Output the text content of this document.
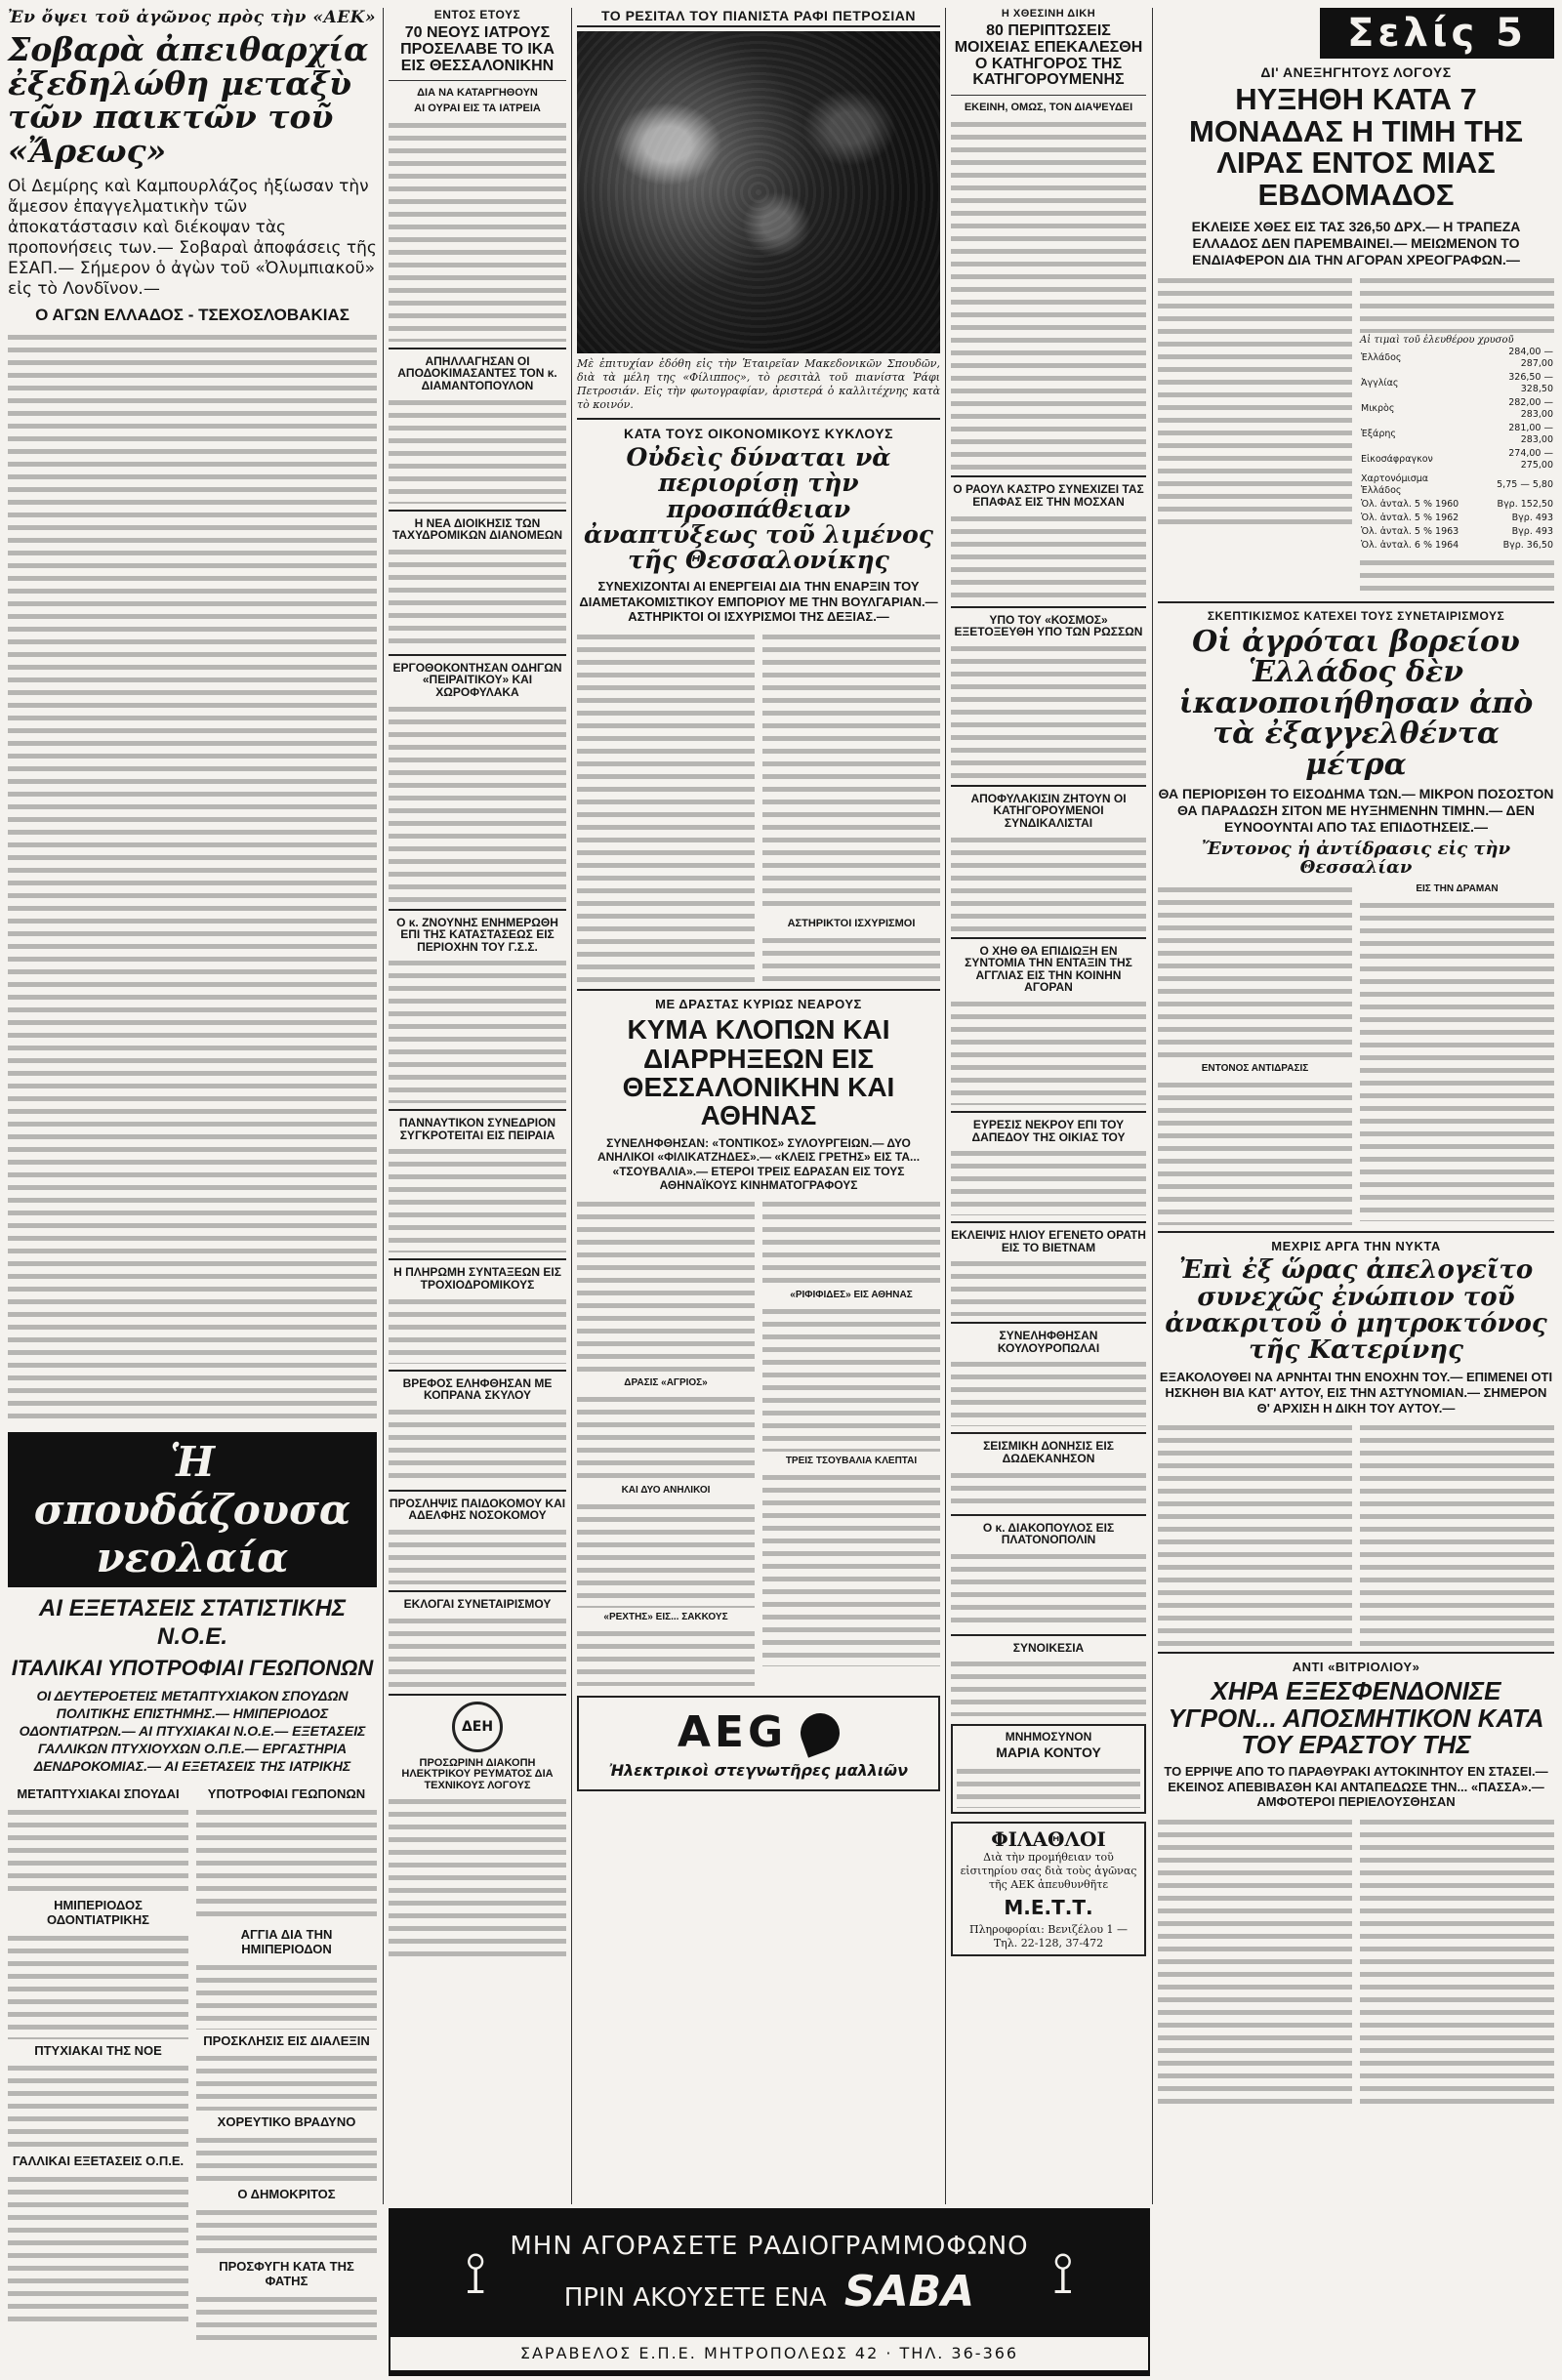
Σελίς 5
Ἐν ὄψει τοῦ ἀγῶνος πρὸς τὴν «ΑΕΚ»
Σοβαρὰ ἀπειθαρχία ἐξεδηλώθη μεταξὺ τῶν παικτῶν τοῦ «Ἄρεως»
Οἱ Δεμίρης καὶ Καμπουρλάζος ἠξίωσαν τὴν ἄμεσον ἐπαγγελματικὴν τῶν ἀποκατάστασιν καὶ διέκοψαν τὰς προπονήσεις των.— Σοβαραὶ ἀποφάσεις τῆς ΕΣΑΠ.— Σήμερον ὁ ἀγὼν τοῦ «Ὀλυμπιακοῦ» εἰς τὸ Λονδῖνον.—
Ο ΑΓΩΝ ΕΛΛΑΔΟΣ - ΤΣΕΧΟΣΛΟΒΑΚΙΑΣ
Ἡ σπουδάζουσα νεολαία
ΑΙ ΕΞΕΤΑΣΕΙΣ ΣΤΑΤΙΣΤΙΚΗΣ Ν.Ο.Ε.
ΙΤΑΛΙΚΑΙ ΥΠΟΤΡΟΦΙΑΙ ΓΕΩΠΟΝΩΝ
ΟΙ ΔΕΥΤΕΡΟΕΤΕΙΣ ΜΕΤΑΠΤΥΧΙΑΚΟΝ ΣΠΟΥΔΩΝ ΠΟΛΙΤΙΚΗΣ ΕΠΙΣΤΗΜΗΣ.— ΗΜΙΠΕΡΙΟΔΟΣ ΟΔΟΝΤΙΑΤΡΩΝ.— ΑΙ ΠΤΥΧΙΑΚΑΙ Ν.Ο.Ε.— ΕΞΕΤΑΣΕΙΣ ΓΑΛΛΙΚΩΝ ΠΤΥΧΙΟΥΧΩΝ Ο.Π.Ε.— ΕΡΓΑΣΤΗΡΙΑ ΔΕΝΔΡΟΚΟΜΙΑΣ.— ΑΙ ΕΞΕΤΑΣΕΙΣ ΤΗΣ ΙΑΤΡΙΚΗΣ
ΜΕΤΑΠΤΥΧΙΑΚΑΙ ΣΠΟΥΔΑΙ
ΗΜΙΠΕΡΙΟΔΟΣ ΟΔΟΝΤΙΑΤΡΙΚΗΣ
ΠΤΥΧΙΑΚΑΙ ΤΗΣ ΝΟΕ
ΓΑΛΛΙΚΑΙ ΕΞΕΤΑΣΕΙΣ Ο.Π.Ε.
ΥΠΟΤΡΟΦΙΑΙ ΓΕΩΠΟΝΩΝ
ΑΓΓΙΑ ΔΙΑ ΤΗΝ ΗΜΙΠΕΡΙΟΔΟΝ
ΠΡΟΣΚΛΗΣΙΣ ΕΙΣ ΔΙΑΛΕΞΙΝ
ΧΟΡΕΥΤΙΚΟ ΒΡΑΔΥΝΟ
Ο ΔΗΜΟΚΡΙΤΟΣ
ΠΡΟΣΦΥΓΗ ΚΑΤΑ ΤΗΣ ΦΑΤΗΣ
ΕΝΤΟΣ ΕΤΟΥΣ
70 ΝΕΟΥΣ ΙΑΤΡΟΥΣ ΠΡΟΣΕΛΑΒΕ ΤΟ ΙΚΑ ΕΙΣ ΘΕΣΣΑΛΟΝΙΚΗΝ
ΔΙΑ ΝΑ ΚΑΤΑΡΓΗΘΟΥΝ
ΑΙ ΟΥΡΑΙ ΕΙΣ ΤΑ ΙΑΤΡΕΙΑ
ΑΠΗΛΛΑΓΗΣΑΝ ΟΙ ΑΠΟΔΟΚΙΜΑΣΑΝΤΕΣ ΤΟΝ κ. ΔΙΑΜΑΝΤΟΠΟΥΛΟΝ
Η ΝΕΑ ΔΙΟΙΚΗΣΙΣ ΤΩΝ ΤΑΧΥΔΡΟΜΙΚΩΝ ΔΙΑΝΟΜΕΩΝ
ΕΡΓΟΘΟΚΟΝΤΗΣΑΝ ΟΔΗΓΩΝ «ΠΕΙΡΑΙΤΙΚΟΥ» ΚΑΙ ΧΩΡΟΦΥΛΑΚΑ
Ο κ. ΖΝΟΥΝΗΣ ΕΝΗΜΕΡΩΘΗ ΕΠΙ ΤΗΣ ΚΑΤΑΣΤΑΣΕΩΣ ΕΙΣ ΠΕΡΙΟΧΗΝ ΤΟΥ Γ.Σ.Σ.
ΠΑΝΝΑΥΤΙΚΟΝ ΣΥΝΕΔΡΙΟΝ ΣΥΓΚΡΟΤΕΙΤΑΙ ΕΙΣ ΠΕΙΡΑΙΑ
Η ΠΛΗΡΩΜΗ ΣΥΝΤΑΞΕΩΝ ΕΙΣ ΤΡΟΧΙΟΔΡΟΜΙΚΟΥΣ
ΒΡΕΦΟΣ ΕΛΗΦΘΗΣΑΝ ΜΕ ΚΟΠΡΑΝΑ ΣΚΥΛΟΥ
ΠΡΟΣΛΗΨΙΣ ΠΑΙΔΟΚΟΜΟΥ ΚΑΙ ΑΔΕΛΦΗΣ ΝΟΣΟΚΟΜΟΥ
ΕΚΛΟΓΑΙ ΣΥΝΕΤΑΙΡΙΣΜΟΥ
ΔΕΗ
ΠΡΟΣΩΡΙΝΗ ΔΙΑΚΟΠΗ ΗΛΕΚΤΡΙΚΟΥ ΡΕΥΜΑΤΟΣ ΔΙΑ ΤΕΧΝΙΚΟΥΣ ΛΟΓΟΥΣ
ΤΟ ΡΕΣΙΤΑΛ ΤΟΥ ΠΙΑΝΙΣΤΑ ΡΑΦΙ ΠΕΤΡΟΣΙΑΝ
Μὲ ἐπιτυχίαν ἐδόθη εἰς τὴν Ἑταιρεῖαν Μακεδονικῶν Σπουδῶν, διὰ τὰ μέλη της «Φίλιππος», τὸ ρεσιτὰλ τοῦ πιανίστα Ῥάφι Πετροσιάν. Εἰς τὴν φωτογραφίαν, ἀριστερά ὁ καλλιτέχνης κατὰ τὸ κοινόν.
ΚΑΤΑ ΤΟΥΣ ΟΙΚΟΝΟΜΙΚΟΥΣ ΚΥΚΛΟΥΣ
Οὐδεὶς δύναται νὰ περιορίσῃ τὴν προσπάθειαν ἀναπτύξεως τοῦ λιμένος τῆς Θεσσαλονίκης
ΣΥΝΕΧΙΖΟΝΤΑΙ ΑΙ ΕΝΕΡΓΕΙΑΙ ΔΙΑ ΤΗΝ ΕΝΑΡΞΙΝ ΤΟΥ ΔΙΑΜΕΤΑΚΟΜΙΣΤΙΚΟΥ ΕΜΠΟΡΙΟΥ ΜΕ ΤΗΝ ΒΟΥΛΓΑΡΙΑΝ.— ΑΣΤΗΡΙΚΤΟΙ ΟΙ ΙΣΧΥΡΙΣΜΟΙ ΤΗΣ ΔΕΞΙΑΣ.—
ΑΣΤΗΡΙΚΤΟΙ ΙΣΧΥΡΙΣΜΟΙ
ΜΕ ΔΡΑΣΤΑΣ ΚΥΡΙΩΣ ΝΕΑΡΟΥΣ
ΚΥΜΑ ΚΛΟΠΩΝ ΚΑΙ ΔΙΑΡΡΗΞΕΩΝ ΕΙΣ ΘΕΣΣΑΛΟΝΙΚΗΝ ΚΑΙ ΑΘΗΝΑΣ
ΣΥΝΕΛΗΦΘΗΣΑΝ: «ΤΟΝΤΙΚΟΣ» ΣΥΛΟΥΡΓΕΙΩΝ.— ΔΥΟ ΑΝΗΛΙΚΟΙ «ΦΙΛΙΚΑΤΖΗΔΕΣ».— «ΚΛΕΙΣ ΓΡΕΤΗΣ» ΕΙΣ ΤΑ... «ΤΣΟΥΒΑΛΙΑ».— ΕΤΕΡΟΙ ΤΡΕΙΣ ΕΔΡΑΣΑΝ ΕΙΣ ΤΟΥΣ ΑΘΗΝΑΪΚΟΥΣ ΚΙΝΗΜΑΤΟΓΡΑΦΟΥΣ
ΔΡΑΣΙΣ «ΑΓΡΙΟΣ»
ΚΑΙ ΔΥΟ ΑΝΗΛΙΚΟΙ
«ΡΕΧΤΗΣ» ΕΙΣ... ΣΑΚΚΟΥΣ
«ΡΙΦΙΦΙΔΕΣ» ΕΙΣ ΑΘΗΝΑΣ
ΤΡΕΙΣ ΤΣΟΥΒΑΛΙΑ ΚΛΕΠΤΑΙ
AEG
Ἠλεκτρικοὶ στεγνωτῆρες μαλλιῶν
Η ΧΘΕΣΙΝΗ ΔΙΚΗ
80 ΠΕΡΙΠΤΩΣΕΙΣ ΜΟΙΧΕΙΑΣ ΕΠΕΚΑΛΕΣΘΗ Ο ΚΑΤΗΓΟΡΟΣ ΤΗΣ ΚΑΤΗΓΟΡΟΥΜΕΝΗΣ
ΕΚΕΙΝΗ, ΟΜΩΣ, ΤΟΝ ΔΙΑΨΕΥΔΕΙ
Ο ΡΑΟΥΛ ΚΑΣΤΡΟ ΣΥΝΕΧΙΖΕΙ ΤΑΣ ΕΠΑΦΑΣ ΕΙΣ ΤΗΝ ΜΟΣΧΑΝ
ΥΠΟ ΤΟΥ «ΚΟΣΜΟΣ» ΕΞΕΤΟΞΕΥΘΗ ΥΠΟ ΤΩΝ ΡΩΣΣΩΝ
ΑΠΟΦΥΛΑΚΙΣΙΝ ΖΗΤΟΥΝ ΟΙ ΚΑΤΗΓΟΡΟΥΜΕΝΟΙ ΣΥΝΔΙΚΑΛΙΣΤΑΙ
Ο ΧΗΘ ΘΑ ΕΠΙΔΙΩΞΗ ΕΝ ΣΥΝΤΟΜΙΑ ΤΗΝ ΕΝΤΑΞΙΝ ΤΗΣ ΑΓΓΛΙΑΣ ΕΙΣ ΤΗΝ ΚΟΙΝΗΝ ΑΓΟΡΑΝ
ΕΥΡΕΣΙΣ ΝΕΚΡΟΥ ΕΠΙ ΤΟΥ ΔΑΠΕΔΟΥ ΤΗΣ ΟΙΚΙΑΣ ΤΟΥ
ΕΚΛΕΙΨΙΣ ΗΛΙΟΥ ΕΓΕΝΕΤΟ ΟΡΑΤΗ ΕΙΣ ΤΟ ΒΙΕΤΝΑΜ
ΣΥΝΕΛΗΦΘΗΣΑΝ ΚΟΥΛΟΥΡΟΠΩΛΑΙ
ΣΕΙΣΜΙΚΗ ΔΟΝΗΣΙΣ ΕΙΣ ΔΩΔΕΚΑΝΗΣΟΝ
Ο κ. ΔΙΑΚΟΠΟΥΛΟΣ ΕΙΣ ΠΛΑΤΟΝΟΠΟΛΙΝ
ΣΥΝΟΙΚΕΣΙΑ
ΜΝΗΜΟΣΥΝΟΝ
ΜΑΡΙΑ ΚΟΝΤΟΥ
ΦΙΛΑΘΛΟΙ
Διὰ τὴν προμήθειαν τοῦ εἰσιτηρίου σας διὰ τοὺς ἀγῶνας τῆς ΑΕΚ ἀπευθυνθῆτε
Μ.Ε.Τ.Τ.
Πληροφορίαι: Βενιζέλου 1 — Τηλ. 22-128, 37-472
ΔΙ' ΑΝΕΞΗΓΗΤΟΥΣ ΛΟΓΟΥΣ
ΗΥΞΗΘΗ ΚΑΤΑ 7 ΜΟΝΑΔΑΣ Η ΤΙΜΗ ΤΗΣ ΛΙΡΑΣ ΕΝΤΟΣ ΜΙΑΣ ΕΒΔΟΜΑΔΟΣ
ΕΚΛΕΙΣΕ ΧΘΕΣ ΕΙΣ ΤΑΣ 326,50 ΔΡΧ.— Η ΤΡΑΠΕΖΑ ΕΛΛΑΔΟΣ ΔΕΝ ΠΑΡΕΜΒΑΙΝΕΙ.— ΜΕΙΩΜΕΝΟΝ ΤΟ ΕΝΔΙΑΦΕΡΟΝ ΔΙΑ ΤΗΝ ΑΓΟΡΑΝ ΧΡΕΟΓΡΑΦΩΝ.—
Αἱ τιμαὶ τοῦ ἐλευθέρου χρυσοῦ
Ἑλλάδος	284,00 — 287,00
Ἀγγλίας	326,50 — 328,50
Μικρὸς	282,00 — 283,00
Ἑξάρης	281,00 — 283,00
Εἰκοσάφραγκον	274,00 — 275,00
Χαρτονόμισμα Ἑλλάδος	5,75 — 5,80
Ὁλ. ἀνταλ. 5 % 1960	Βγρ. 152,50
Ὁλ. ἀνταλ. 5 % 1962	Βγρ. 493
Ὁλ. ἀνταλ. 5 % 1963	Βγρ. 493
Ὁλ. ἀνταλ. 6 % 1964	Βγρ. 36,50
ΣΚΕΠΤΙΚΙΣΜΟΣ ΚΑΤΕΧΕΙ ΤΟΥΣ ΣΥΝΕΤΑΙΡΙΣΜΟΥΣ
Οἱ ἀγρόται βορείου Ἑλλάδος δὲν ἱκανοποιήθησαν ἀπὸ τὰ ἐξαγγελθέντα μέτρα
ΘΑ ΠΕΡΙΟΡΙΣΘΗ ΤΟ ΕΙΣΟΔΗΜΑ ΤΩΝ.— ΜΙΚΡΟΝ ΠΟΣΟΣΤΟΝ ΘΑ ΠΑΡΑΔΩΣΗ ΣΙΤΟΝ ΜΕ ΗΥΞΗΜΕΝΗΝ ΤΙΜΗΝ.— ΔΕΝ ΕΥΝΟΟΥΝΤΑΙ ΑΠΟ ΤΑΣ ΕΠΙΔΟΤΗΣΕΙΣ.—
Ἔντονος ἡ ἀντίδρασις εἰς τὴν Θεσσαλίαν
ΕΝΤΟΝΟΣ ΑΝΤΙΔΡΑΣΙΣ
ΕΙΣ ΤΗΝ ΔΡΑΜΑΝ
ΜΕΧΡΙΣ ΑΡΓΑ ΤΗΝ ΝΥΚΤΑ
Ἐπὶ ἐξ ὥρας ἀπελογεῖτο συνεχῶς ἐνώπιον τοῦ ἀνακριτοῦ ὁ μητροκτόνος τῆς Κατερίνης
ΕΞΑΚΟΛΟΥΘΕΙ ΝΑ ΑΡΝΗΤΑΙ ΤΗΝ ΕΝΟΧΗΝ ΤΟΥ.— ΕΠΙΜΕΝΕΙ ΟΤΙ ΗΣΚΗΘΗ ΒΙΑ ΚΑΤ' ΑΥΤΟΥ, ΕΙΣ ΤΗΝ ΑΣΤΥΝΟΜΙΑΝ.— ΣΗΜΕΡΟΝ Θ' ΑΡΧΙΣΗ Η ΔΙΚΗ ΤΟΥ ΑΥΤΟΥ.—
ΑΝΤΙ «ΒΙΤΡΙΟΛΙΟΥ»
ΧΗΡΑ ΕΞΕΣΦΕΝΔΟΝΙΣΕ ΥΓΡΟΝ... ΑΠΟΣΜΗΤΙΚΟΝ ΚΑΤΑ ΤΟΥ ΕΡΑΣΤΟΥ ΤΗΣ
ΤΟ ΕΡΡΙΨΕ ΑΠΟ ΤΟ ΠΑΡΑΘΥΡΑΚΙ ΑΥΤΟΚΙΝΗΤΟΥ ΕΝ ΣΤΑΣΕΙ.— ΕΚΕΙΝΟΣ ΑΠΕΒΙΒΑΣΘΗ ΚΑΙ ΑΝΤΑΠΕΔΩΣΕ ΤΗΝ... «ΠΑΣΣΑ».— ΑΜΦΟΤΕΡΟΙ ΠΕΡΙΕΛΟΥΣΘΗΣΑΝ
⟟ ΜΗΝ ΑΓΟΡΑΣΕΤΕ ΡΑΔΙΟΓΡΑΜΜΟΦΩΝΟ
ΠΡΙΝ ΑΚΟΥΣΕΤΕ ΕΝΑ SABA	⟟
ΣΑΡΑΒΕΛΟΣ Ε.Π.Ε. ΜΗΤΡΟΠΟΛΕΩΣ 42 · ΤΗΛ. 36-366
